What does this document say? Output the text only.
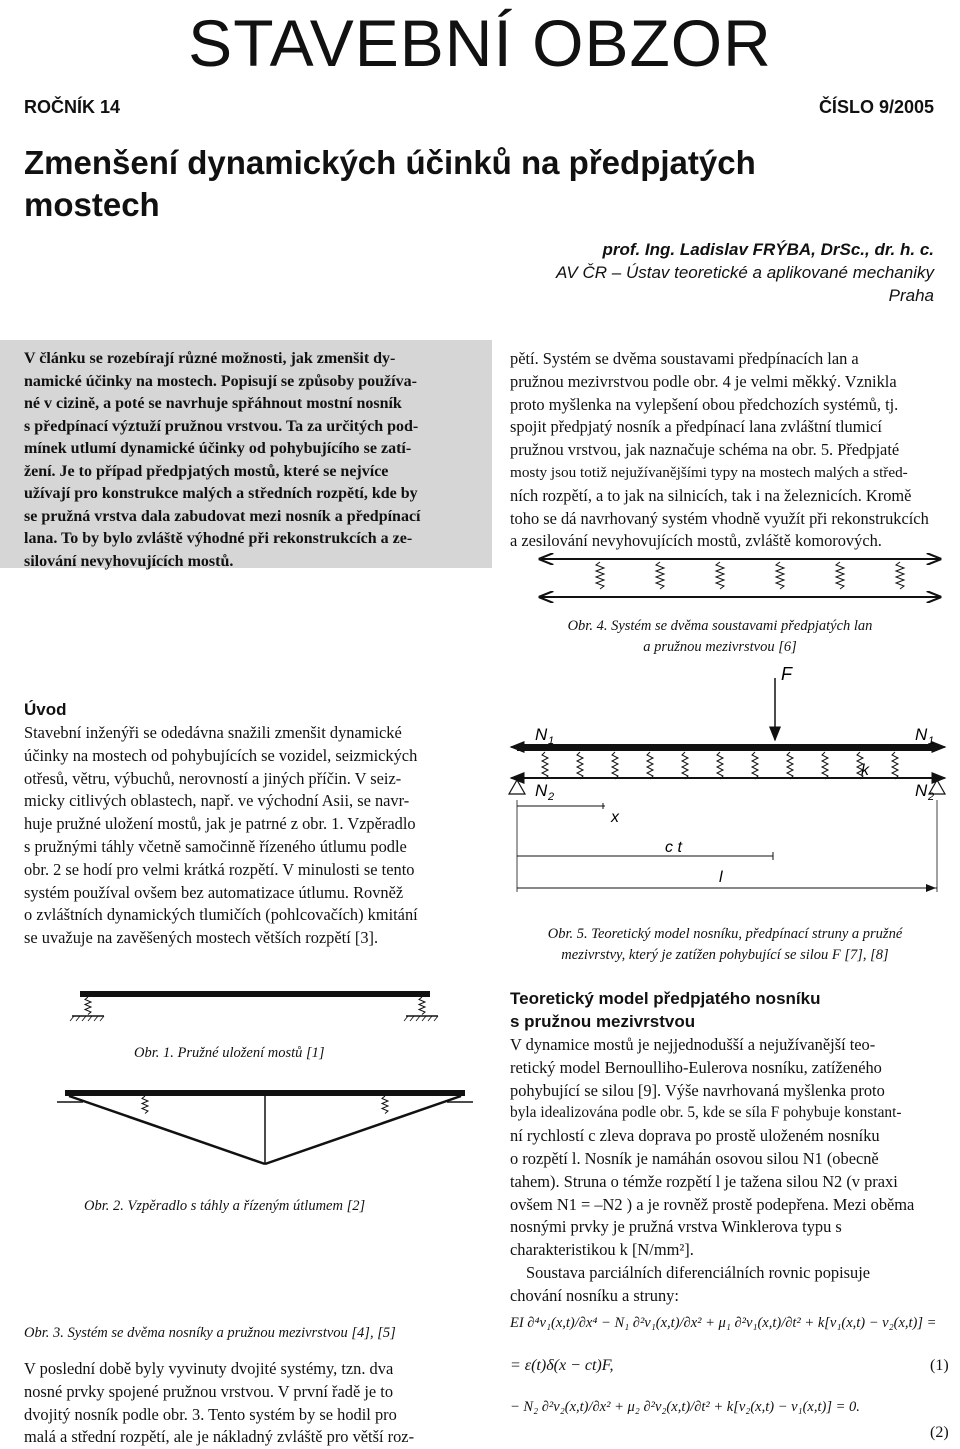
STAVEBNÍ OBZOR
ROČNÍK 14	ČÍSLO 9/2005
Zmenšení dynamických účinků na předpjatých
mostech
prof. Ing. Ladislav FRÝBA, DrSc., dr. h. c.
AV ČR – Ústav teoretické a aplikované mechaniky
Praha
V článku se rozebírají různé možnosti, jak zmenšit dy-
namické účinky na mostech. Popisují se způsoby používa-
né v cizině, a poté se navrhuje spřáhnout mostní nosník
s předpínací výztuží pružnou vrstvou. Ta za určitých pod-
mínek utlumí dynamické účinky od pohybujícího se zatí-
žení. Je to případ předpjatých mostů, které se nejvíce
užívají pro konstrukce malých a středních rozpětí, kde by
se pružná vrstva dala zabudovat mezi nosník a předpínací
lana. To by bylo zvláště výhodné při rekonstrukcích a ze-
silování nevyhovujících mostů.
pětí. Systém se dvěma soustavami předpínacích lan a
pružnou mezivrstvou podle obr. 4 je velmi měkký. Vznikla
proto myšlenka na vylepšení obou předchozích systémů, tj.
spojit předpjatý nosník a předpínací lana zvláštní tlumicí
pružnou vrstvou, jak naznačuje schéma na obr. 5. Předpjaté
mosty jsou totiž nejužívanějšími typy na mostech malých a střed-
ních rozpětí, a to jak na silnicích, tak i na železnicích. Kromě
toho se dá navrhovaný systém vhodně využít při rekonstrukcích
a zesilování nevyhovujících mostů, zvláště komorových.
Obr. 4. Systém se dvěma soustavami předpjatých lan
a pružnou mezivrstvou [6]
Úvod
Stavební inženýři se odedávna snažili zmenšit dynamické
účinky na mostech od pohybujících se vozidel, seizmických
otřesů, větru, výbuchů, nerovností a jiných příčin. V seiz-
micky citlivých oblastech, např. ve východní Asii, se navr-
huje pružné uložení mostů, jak je patrné z obr. 1. Vzpěradlo
s pružnými táhly včetně samočinně řízeného útlumu podle
obr. 2 se hodí pro velmi krátká rozpětí. V minulosti se tento
systém používal ovšem bez automatizace útlumu. Rovněž
o zvláštních dynamických tlumičích (pohlcovačích) kmitání
se uvažuje na zavěšených mostech větších rozpětí [3].
F
N 1	N 1
N 2	N 2
k
x
c t
l
Obr. 5. Teoretický model nosníku, předpínací struny a pružné
mezivrstvy, který je zatížen pohybující se silou F [7], [8]
Obr. 1. Pružné uložení mostů [1]
Obr. 2. Vzpěradlo s táhly a řízeným útlumem [2]
Obr. 3. Systém se dvěma nosníky a pružnou mezivrstvou [4], [5]
V poslední době byly vyvinuty dvojité systémy, tzn. dva
nosné prvky spojené pružnou vrstvou. V první řadě je to
dvojitý nosník podle obr. 3. Tento systém by se hodil pro
malá a střední rozpětí, ale je nákladný zvláště pro větší roz-
Teoretický model předpjatého nosníku
s pružnou mezivrstvou
V dynamice mostů je nejjednodušší a nejužívanější teo-
retický model Bernoulliho-Eulerova nosníku, zatíženého
pohybující se silou [9]. Výše navrhovaná myšlenka proto
byla idealizována podle obr. 5, kde se síla F pohybuje konstant-
ní rychlostí c zleva doprava po prostě uloženém nosníku
o rozpětí l. Nosník je namáhán osovou silou N1 (obecně
tahem). Struna o témže rozpětí l je tažena silou N2 (v praxi
ovšem N1 = –N2 ) a je rovněž prostě podepřena. Mezi oběma
nosnými prvky je pružná vrstva Winklerova typu s
charakteristikou k [N/mm²].
Soustava parciálních diferenciálních rovnic popisuje
chování nosníku a struny:
EI ∂⁴v₁(x,t)/∂x⁴ − N₁ ∂²v₁(x,t)/∂x² + μ₁ ∂²v₁(x,t)/∂t² + k[v₁(x,t) − v₂(x,t)] =
= ε(t)δ(x − ct)F,	(1)
− N₂ ∂²v₂(x,t)/∂x² + μ₂ ∂²v₂(x,t)/∂t² + k[v₂(x,t) − v₁(x,t)] = 0.
(2)
